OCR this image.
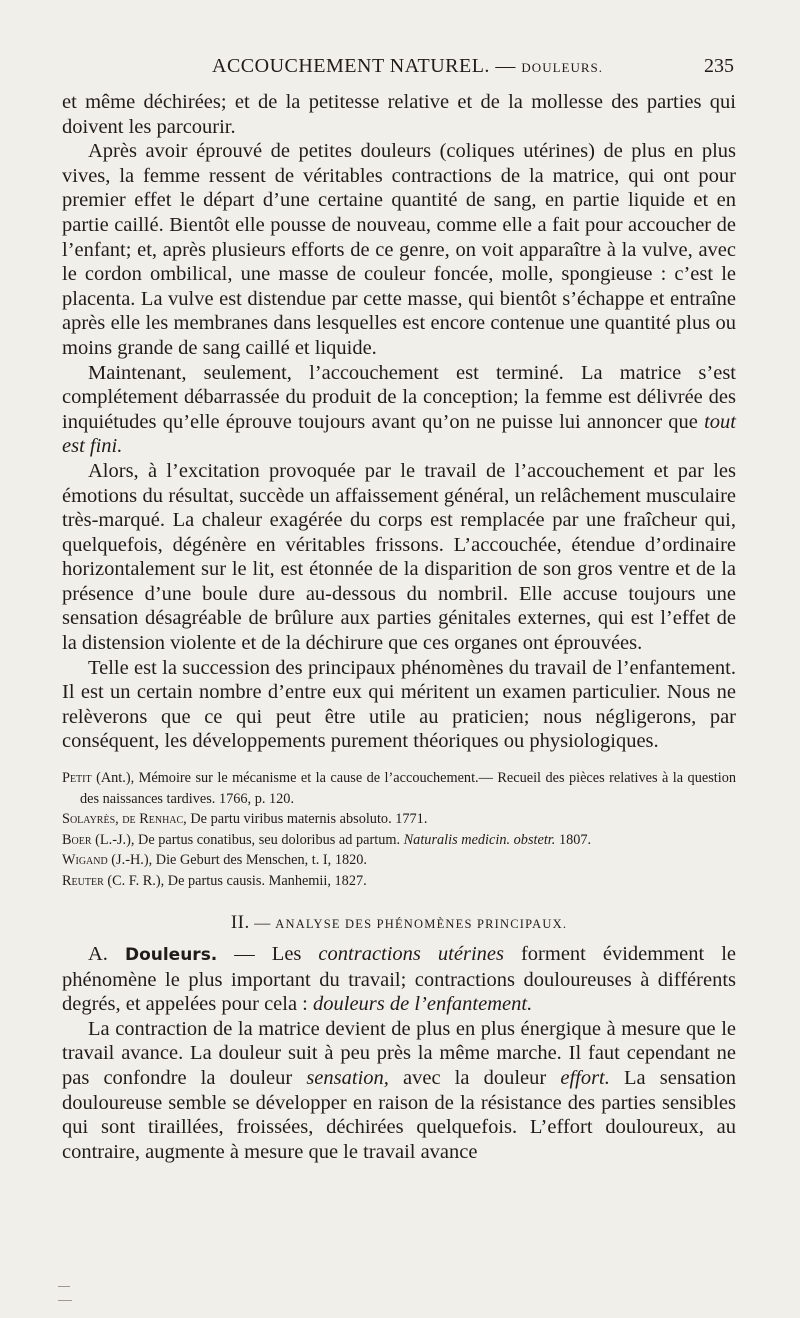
ACCOUCHEMENT NATUREL. — DOULEURS.	235

et même déchirées; et de la petitesse relative et de la mollesse des parties qui doivent les parcourir.

Après avoir éprouvé de petites douleurs (coliques utérines) de plus en plus vives, la femme ressent de véritables contractions de la matrice, qui ont pour premier effet le départ d’une certaine quantité de sang, en partie liquide et en partie caillé. Bientôt elle pousse de nouveau, comme elle a fait pour accoucher de l’enfant; et, après plusieurs efforts de ce genre, on voit apparaître à la vulve, avec le cordon ombilical, une masse de couleur foncée, molle, spongieuse : c’est le placenta. La vulve est distendue par cette masse, qui bientôt s’échappe et entraîne après elle les membranes dans lesquelles est encore contenue une quantité plus ou moins grande de sang caillé et liquide.

Maintenant, seulement, l’accouchement est terminé. La matrice s’est complétement débarrassée du produit de la conception; la femme est délivrée des inquiétudes qu’elle éprouve toujours avant qu’on ne puisse lui annoncer que tout est fini.

Alors, à l’excitation provoquée par le travail de l’accouchement et par les émotions du résultat, succède un affaissement général, un relâchement musculaire très-marqué. La chaleur exagérée du corps est remplacée par une fraîcheur qui, quelquefois, dégénère en véritables frissons. L’accouchée, étendue d’ordinaire horizontalement sur le lit, est étonnée de la disparition de son gros ventre et de la présence d’une boule dure au-dessous du nombril. Elle accuse toujours une sensation désagréable de brûlure aux parties génitales externes, qui est l’effet de la distension violente et de la déchirure que ces organes ont éprouvées.

Telle est la succession des principaux phénomènes du travail de l’enfantement. Il est un certain nombre d’entre eux qui méritent un examen particulier. Nous ne relèverons que ce qui peut être utile au praticien; nous négligerons, par conséquent, les développements purement théoriques ou physiologiques.

Petit (Ant.), Mémoire sur le mécanisme et la cause de l’accouchement.— Recueil des pièces relatives à la question des naissances tardives. 1766, p. 120.

Solayrès, de Renhac, De partu viribus maternis absoluto. 1771.

Boer (L.-J.), De partus conatibus, seu doloribus ad partum. Naturalis medicin. obstetr. 1807.

Wigand (J.-H.), Die Geburt des Menschen, t. I, 1820.

Reuter (C. F. R.), De partus causis. Manhemii, 1827.

II. — ANALYSE DES PHÉNOMÈNES PRINCIPAUX.

A. Douleurs. — Les contractions utérines forment évidemment le phénomène le plus important du travail; contractions douloureuses à différents degrés, et appelées pour cela : douleurs de l’enfantement.

La contraction de la matrice devient de plus en plus énergique à mesure que le travail avance. La douleur suit à peu près la même marche. Il faut cependant ne pas confondre la douleur sensation, avec la douleur effort. La sensation douloureuse semble se développer en raison de la résistance des parties sensibles qui sont tiraillées, froissées, déchirées quelquefois. L’effort douloureux, au contraire, augmente à mesure que le travail avance
